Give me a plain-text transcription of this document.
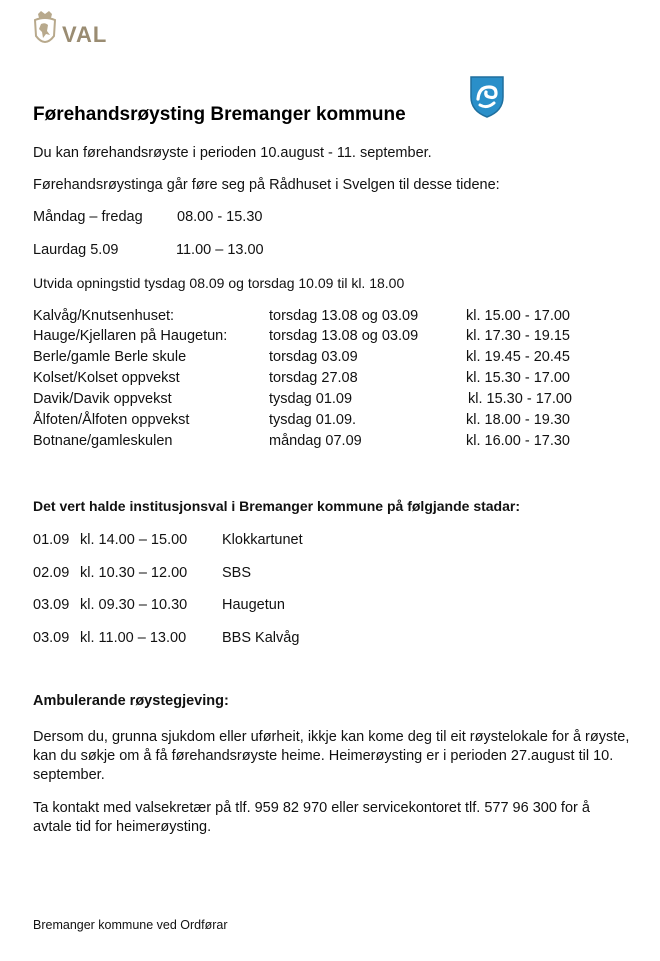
VAL
Førehandsrøysting Bremanger kommune
Du kan førehandsrøyste i perioden 10.august - 11. september.
Førehandsrøystinga går føre seg på Rådhuset i Svelgen til desse tidene:
Måndag – fredag 08.00 - 15.30
Laurdag 5.09	11.00 – 13.00
Utvida opningstid tysdag 08.09 og torsdag 10.09 til kl. 18.00
Kalvåg/Knutsenhuset:	torsdag 13.08 og 03.09	kl. 15.00 - 17.00
Hauge/Kjellaren på Haugetun:	torsdag 13.08 og 03.09	kl. 17.30 - 19.15
Berle/gamle Berle skule	torsdag 03.09	kl. 19.45 - 20.45
Kolset/Kolset oppvekst	torsdag 27.08	kl. 15.30 - 17.00
Davik/Davik oppvekst	tysdag 01.09	kl. 15.30 - 17.00
Ålfoten/Ålfoten oppvekst	tysdag 01.09.	kl. 18.00 - 19.30
Botnane/gamleskulen	måndag 07.09	kl. 16.00 - 17.30
Det vert halde institusjonsval i Bremanger kommune på følgjande stadar:
01.09 kl. 14.00 – 15.00 Klokkartunet
02.09 kl. 10.30 – 12.00 SBS
03.09 kl. 09.30 – 10.30 Haugetun
03.09 kl. 11.00 – 13.00 BBS Kalvåg
Ambulerande røystegjeving:
Dersom du, grunna sjukdom eller uførheit, ikkje kan kome deg til eit røystelokale for å røyste, kan du søkje om å få førehandsrøyste heime. Heimerøysting er i perioden 27.august til 10. september.
Ta kontakt med valsekretær på tlf. 959 82 970 eller servicekontoret tlf. 577 96 300 for å avtale tid for heimerøysting.
Bremanger kommune ved Ordførar
